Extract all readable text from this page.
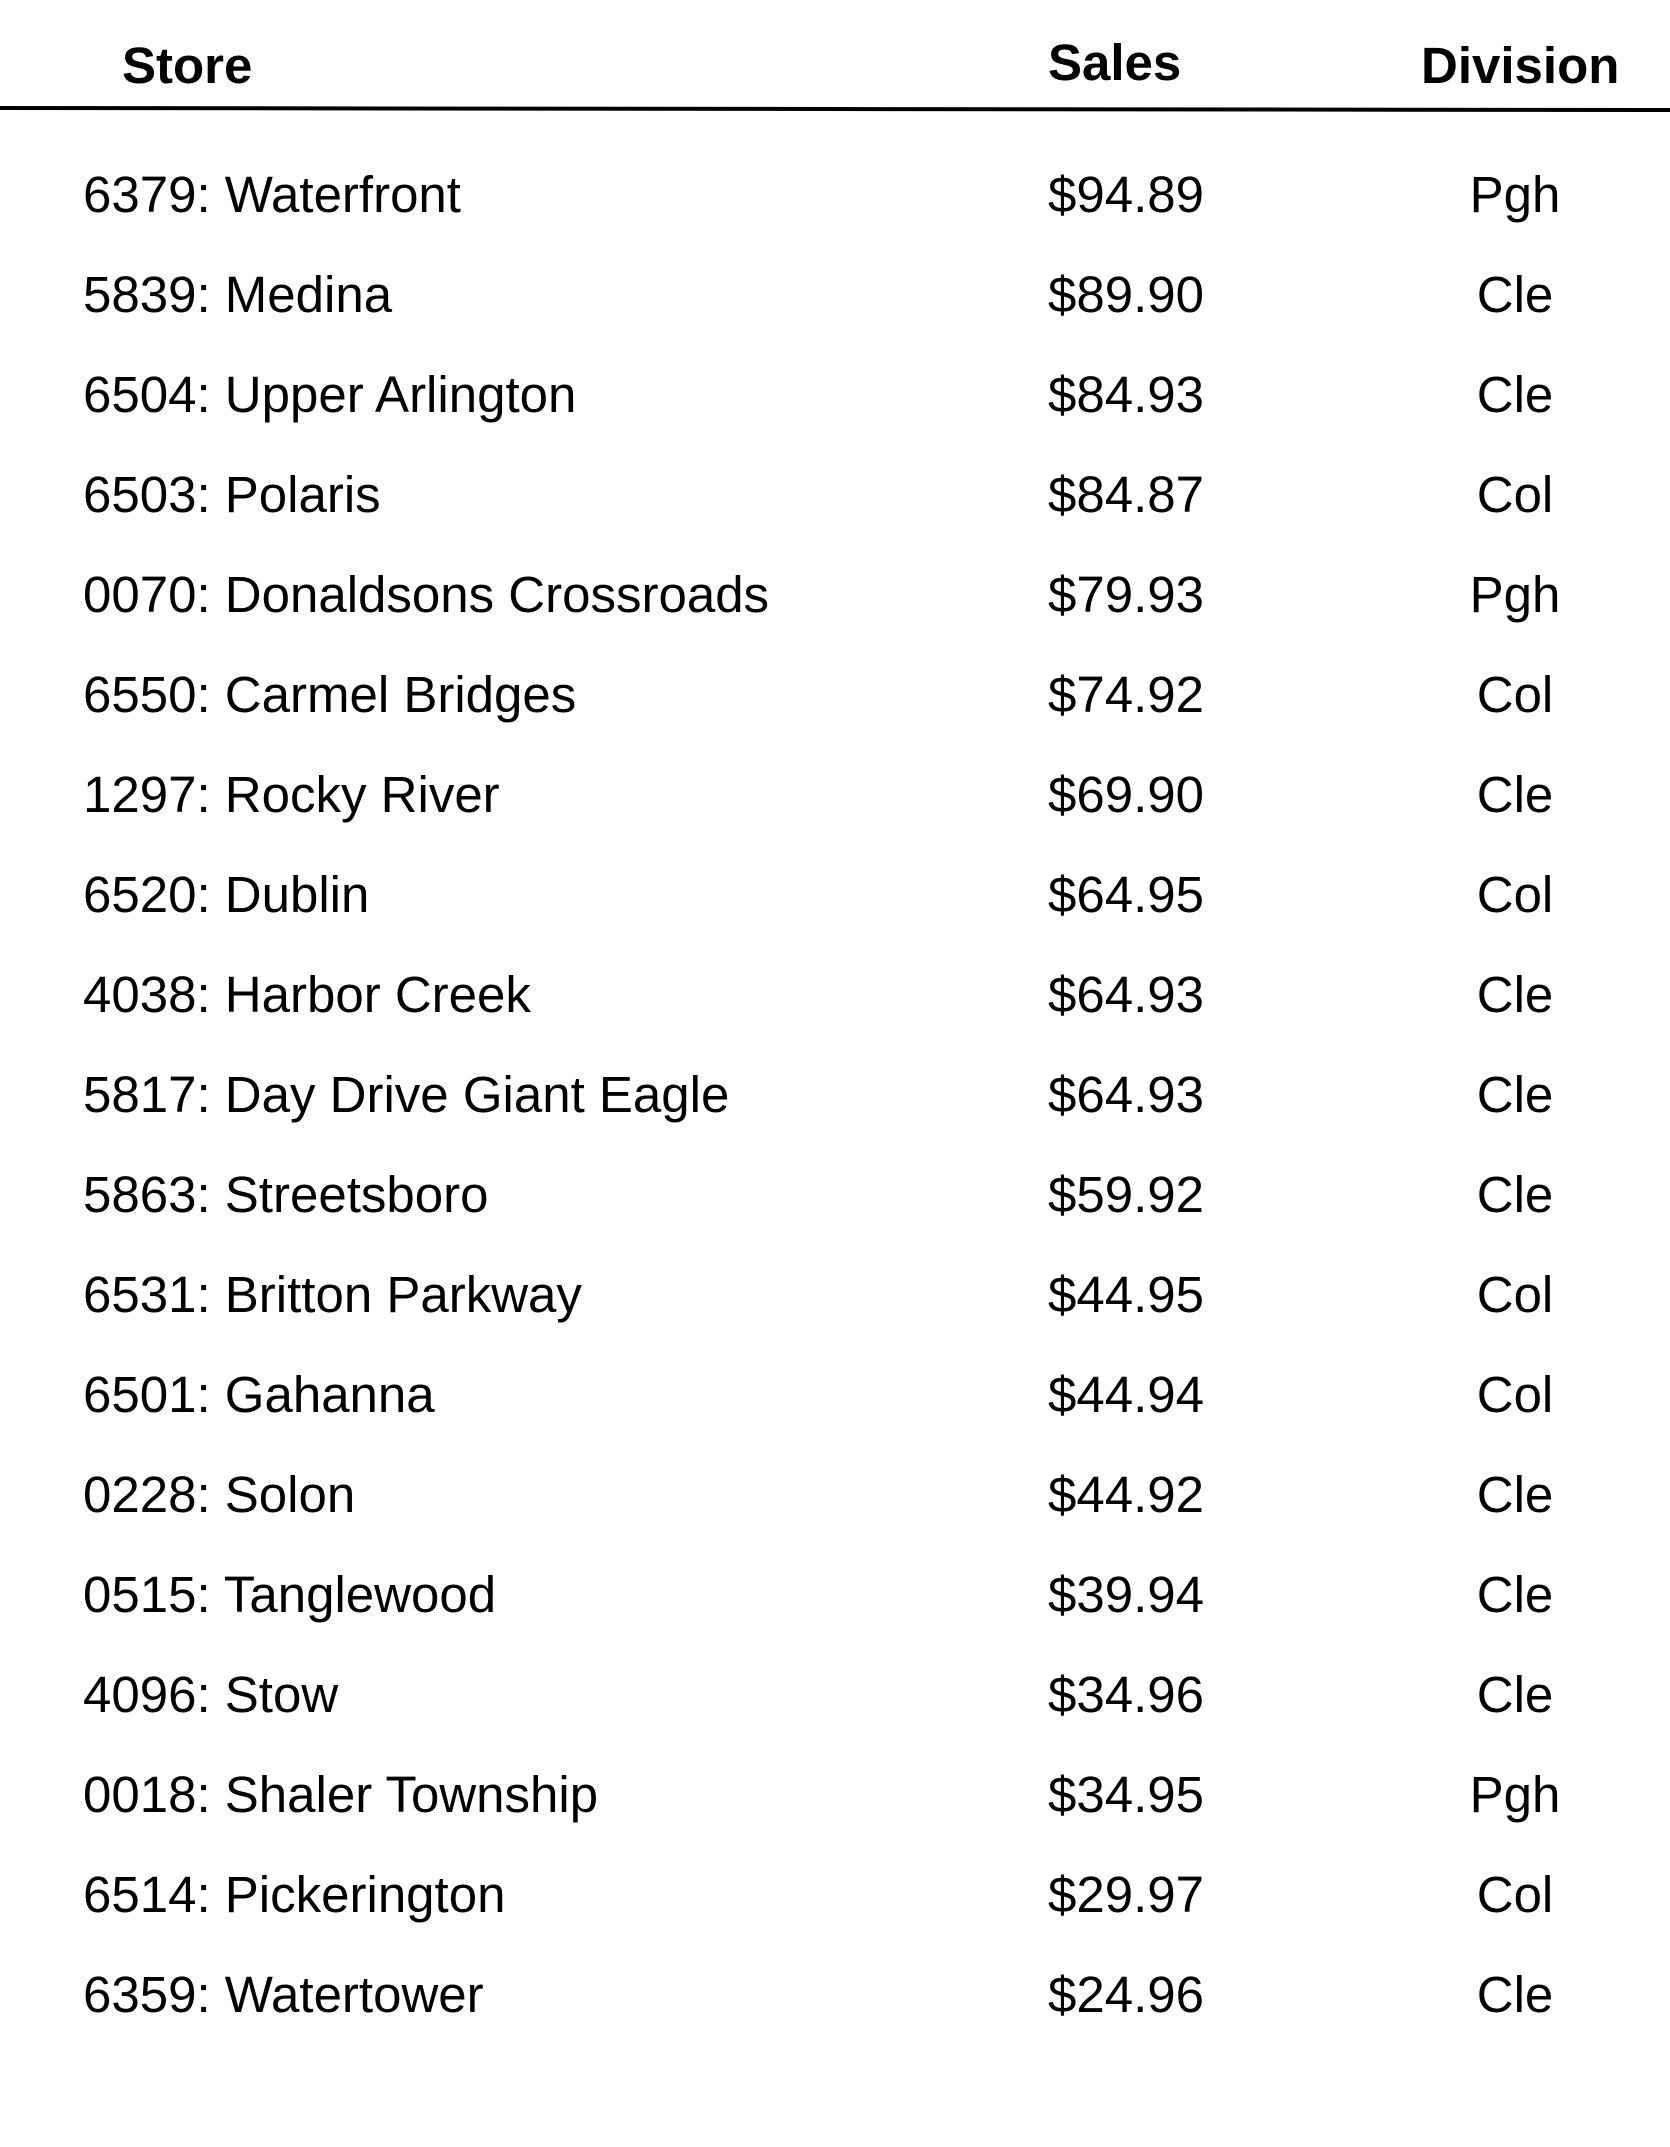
Store	Sales	Division
6379: Waterfront	$94.89	Pgh
5839: Medina	$89.90	Cle
6504: Upper Arlington	$84.93	Cle
6503: Polaris	$84.87	Col
0070: Donaldsons Crossroads	$79.93	Pgh
6550: Carmel Bridges	$74.92	Col
1297: Rocky River	$69.90	Cle
6520: Dublin	$64.95	Col
4038: Harbor Creek	$64.93	Cle
5817: Day Drive Giant Eagle	$64.93	Cle
5863: Streetsboro	$59.92	Cle
6531: Britton Parkway	$44.95	Col
6501: Gahanna	$44.94	Col
0228: Solon	$44.92	Cle
0515: Tanglewood	$39.94	Cle
4096: Stow	$34.96	Cle
0018: Shaler Township	$34.95	Pgh
6514: Pickerington	$29.97	Col
6359: Watertower	$24.96	Cle
